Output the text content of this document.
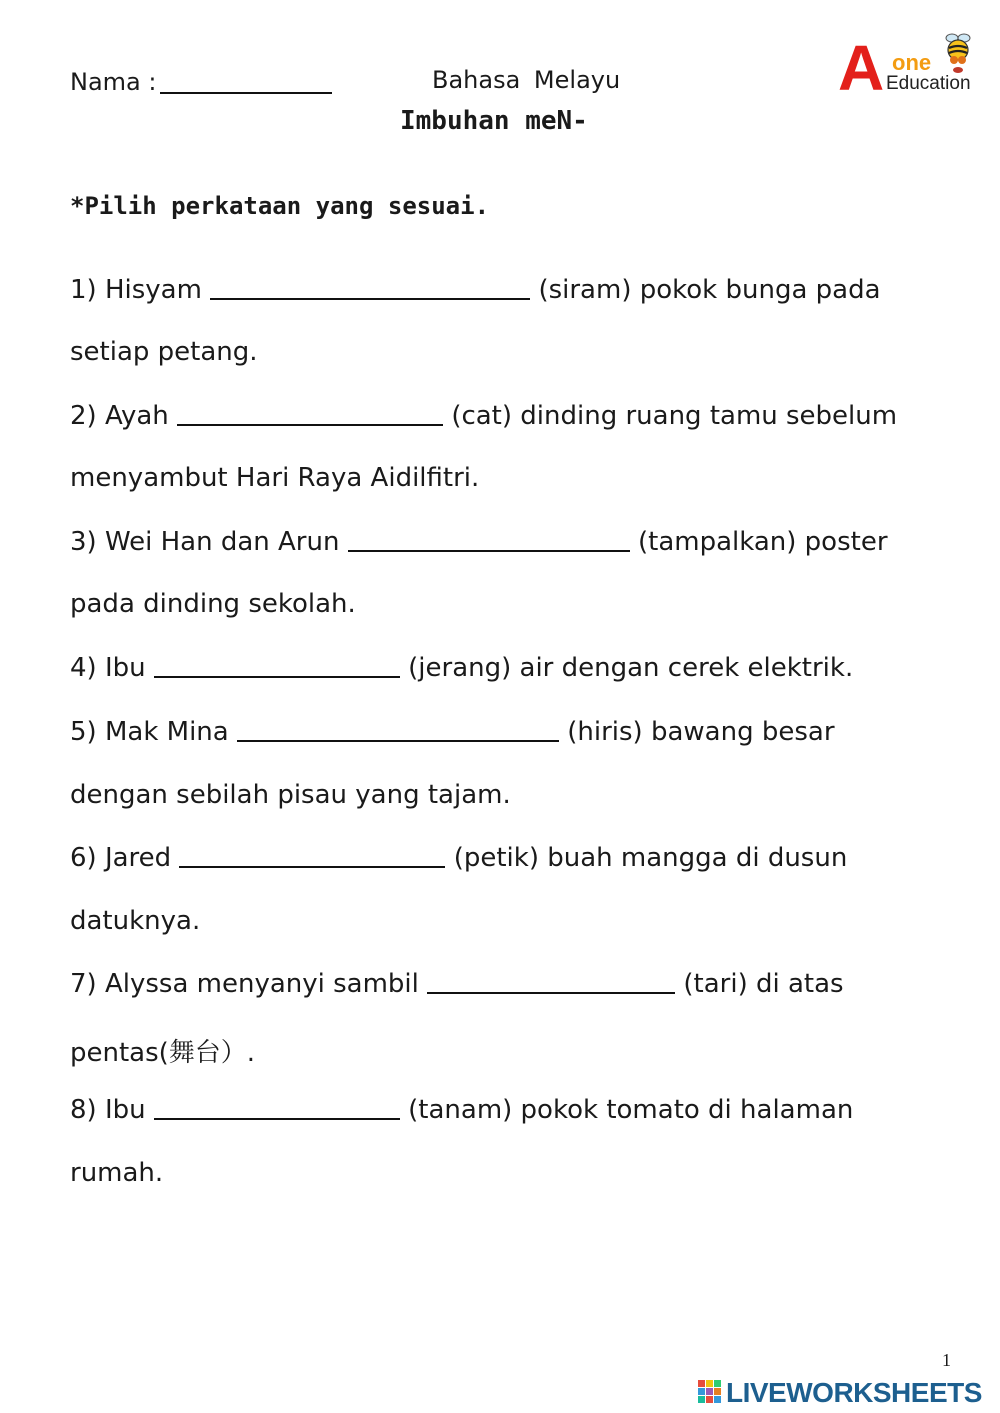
Nama :	Bahasa Melayu
Imbuhan meN-
A one
Education
*Pilih perkataan yang sesuai.
1) Hisyam	(siram) pokok bunga pada
setiap petang.
2) Ayah	(cat) dinding ruang tamu sebelum
menyambut Hari Raya Aidilfitri.
3) Wei Han dan Arun	(tampalkan) poster
pada dinding sekolah.
4) Ibu	(jerang) air dengan cerek elektrik.
5) Mak Mina	(hiris) bawang besar
dengan sebilah pisau yang tajam.
6) Jared	(petik) buah mangga di dusun
datuknya.
7) Alyssa menyanyi sambil	(tari) di atas
pentas(舞台）.
8) Ibu	(tanam) pokok tomato di halaman
rumah.
1
LIVEWORKSHEETS
